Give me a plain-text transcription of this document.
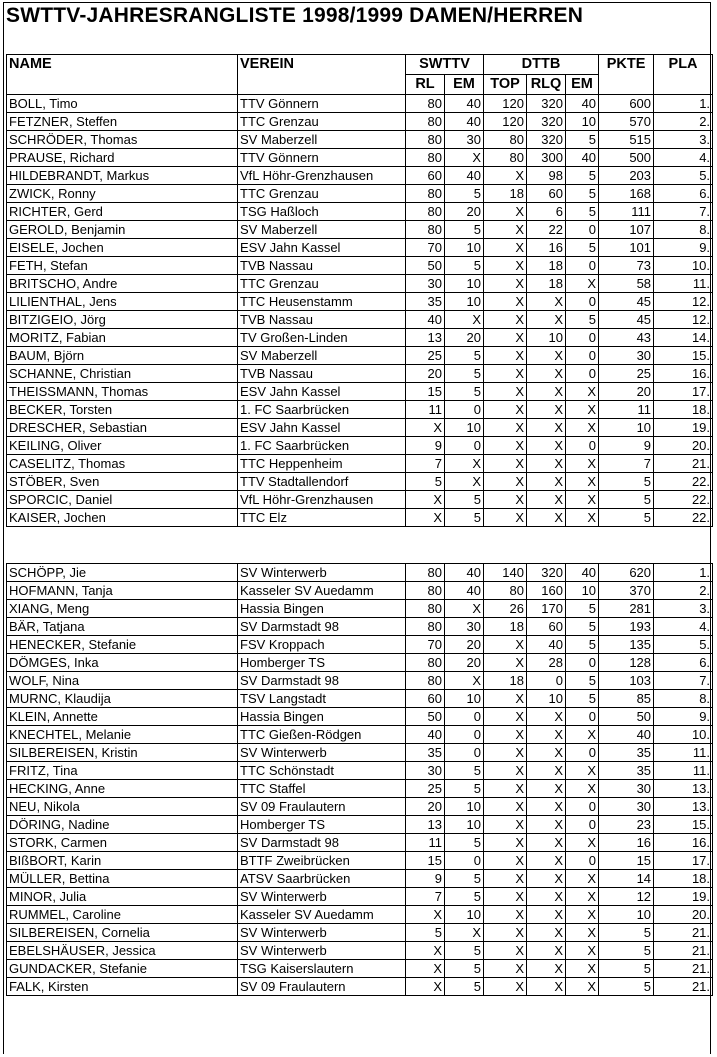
SWTTV-JAHRESRANGLISTE 1998/1999 DAMEN/HERREN
NAME	VEREIN	SWTTV		DTTB			PKTE	PLA
		RL	EM	TOP	RLQ	EM		
BOLL, Timo	TTV Gönnern	80	40	120	320	40	600	1.
FETZNER, Steffen	TTC Grenzau	80	40	120	320	10	570	2.
SCHRÖDER, Thomas	SV Maberzell	80	30	80	320	5	515	3.
PRAUSE, Richard	TTV Gönnern	80	X	80	300	40	500	4.
HILDEBRANDT, Markus	VfL Höhr-Grenzhausen	60	40	X	98	5	203	5.
ZWICK, Ronny	TTC Grenzau	80	5	18	60	5	168	6.
RICHTER, Gerd	TSG Haßloch	80	20	X	6	5	111	7.
GEROLD, Benjamin	SV Maberzell	80	5	X	22	0	107	8.
EISELE, Jochen	ESV Jahn Kassel	70	10	X	16	5	101	9.
FETH, Stefan	TVB Nassau	50	5	X	18	0	73	10.
BRITSCHO, Andre	TTC Grenzau	30	10	X	18	X	58	11.
LILIENTHAL, Jens	TTC Heusenstamm	35	10	X	X	0	45	12.
BITZIGEIO, Jörg	TVB Nassau	40	X	X	X	5	45	12.
MORITZ, Fabian	TV Großen-Linden	13	20	X	10	0	43	14.
BAUM, Björn	SV Maberzell	25	5	X	X	0	30	15.
SCHANNE, Christian	TVB Nassau	20	5	X	X	0	25	16.
THEISSMANN, Thomas	ESV Jahn Kassel	15	5	X	X	X	20	17.
BECKER, Torsten	1. FC Saarbrücken	11	0	X	X	X	11	18.
DRESCHER, Sebastian	ESV Jahn Kassel	X	10	X	X	X	10	19.
KEILING, Oliver	1. FC Saarbrücken	9	0	X	X	0	9	20.
CASELITZ, Thomas	TTC Heppenheim	7	X	X	X	X	7	21.
STÖBER, Sven	TTV Stadtallendorf	5	X	X	X	X	5	22.
SPORCIC, Daniel	VfL Höhr-Grenzhausen	X	5	X	X	X	5	22.
KAISER, Jochen	TTC Elz	X	5	X	X	X	5	22.

SCHÖPP, Jie	SV Winterwerb	80	40	140	320	40	620	1.
HOFMANN, Tanja	Kasseler SV Auedamm	80	40	80	160	10	370	2.
XIANG, Meng	Hassia Bingen	80	X	26	170	5	281	3.
BÄR, Tatjana	SV Darmstadt 98	80	30	18	60	5	193	4.
HENECKER, Stefanie	FSV Kroppach	70	20	X	40	5	135	5.
DÖMGES, Inka	Homberger TS	80	20	X	28	0	128	6.
WOLF, Nina	SV Darmstadt 98	80	X	18	0	5	103	7.
MURNC, Klaudija	TSV Langstadt	60	10	X	10	5	85	8.
KLEIN, Annette	Hassia Bingen	50	0	X	X	0	50	9.
KNECHTEL, Melanie	TTC Gießen-Rödgen	40	0	X	X	X	40	10.
SILBEREISEN, Kristin	SV Winterwerb	35	0	X	X	0	35	11.
FRITZ, Tina	TTC Schönstadt	30	5	X	X	X	35	11.
HECKING, Anne	TTC Staffel	25	5	X	X	X	30	13.
NEU, Nikola	SV 09 Fraulautern	20	10	X	X	0	30	13.
DÖRING, Nadine	Homberger TS	13	10	X	X	0	23	15.
STORK, Carmen	SV Darmstadt 98	11	5	X	X	X	16	16.
BIßBORT, Karin	BTTF Zweibrücken	15	0	X	X	0	15	17.
MÜLLER, Bettina	ATSV Saarbrücken	9	5	X	X	X	14	18.
MINOR, Julia	SV Winterwerb	7	5	X	X	X	12	19.
RUMMEL, Caroline	Kasseler SV Auedamm	X	10	X	X	X	10	20.
SILBEREISEN, Cornelia	SV Winterwerb	5	X	X	X	X	5	21.
EBELSHÄUSER, Jessica	SV Winterwerb	X	5	X	X	X	5	21.
GUNDACKER, Stefanie	TSG Kaiserslautern	X	5	X	X	X	5	21.
FALK, Kirsten	SV 09 Fraulautern	X	5	X	X	X	5	21.
